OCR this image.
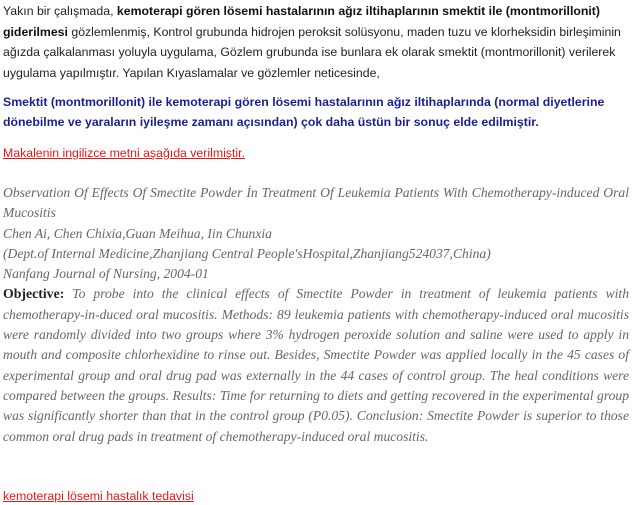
Yakın bir çalışmada, kemoterapi gören lösemi hastalarının ağız iltihaplarının smektit ile (montmorillonit) giderilmesi gözlemlenmiş, Kontrol grubunda hidrojen peroksit solüsyonu, maden tuzu ve klorheksidin birleşiminin ağızda çalkalanması yoluyla uygulama, Gözlem grubunda ise bunlara ek olarak smektit (montmorillonit) verilerek uygulama yapılmıştır. Yapılan Kıyaslamalar ve gözlemler neticesinde,

Smektit (montmorillonit) ile kemoterapi gören lösemi hastalarının ağız iltihaplarında (normal diyetlerine dönebilme ve yaraların iyileşme zamanı açısından) çok daha üstün bir sonuç elde edilmiştir.

Makalenin ingilizce metni aşağıda verilmiştir.
Observation Of Effects Of Smectite Powder İn Treatment Of Leukemia Patients With Chemotherapy-induced Oral Mucositis
Chen Ai, Chen Chixia,Guan Meihua, Iin Chunxia
(Dept.of Internal Medicine,Zhanjiang Central People'sHospital,Zhanjiang524037,China)
Nanfang Journal of Nursing, 2004-01
Objective: To probe into the clinical effects of Smectite Powder in treatment of leukemia patients with chemotherapy-in-duced oral mucositis. Methods: 89 leukemia patients with chemotherapy-induced oral mucositis were randomly divided into two groups where 3% hydrogen peroxide solution and saline were used to apply in mouth and composite chlorhexidine to rinse out. Besides, Smectite Powder was applied locally in the 45 cases of experimental group and oral drug pad was externally in the 44 cases of control group. The heal conditions were compared between the groups. Results: Time for returning to diets and getting recovered in the experimental group was significantly shorter than that in the control group (P0.05). Conclusion: Smectite Powder is superior to those common oral drug pads in treatment of chemotherapy-induced oral mucositis.
kemoterapi lösemi hastalık tedavisi
